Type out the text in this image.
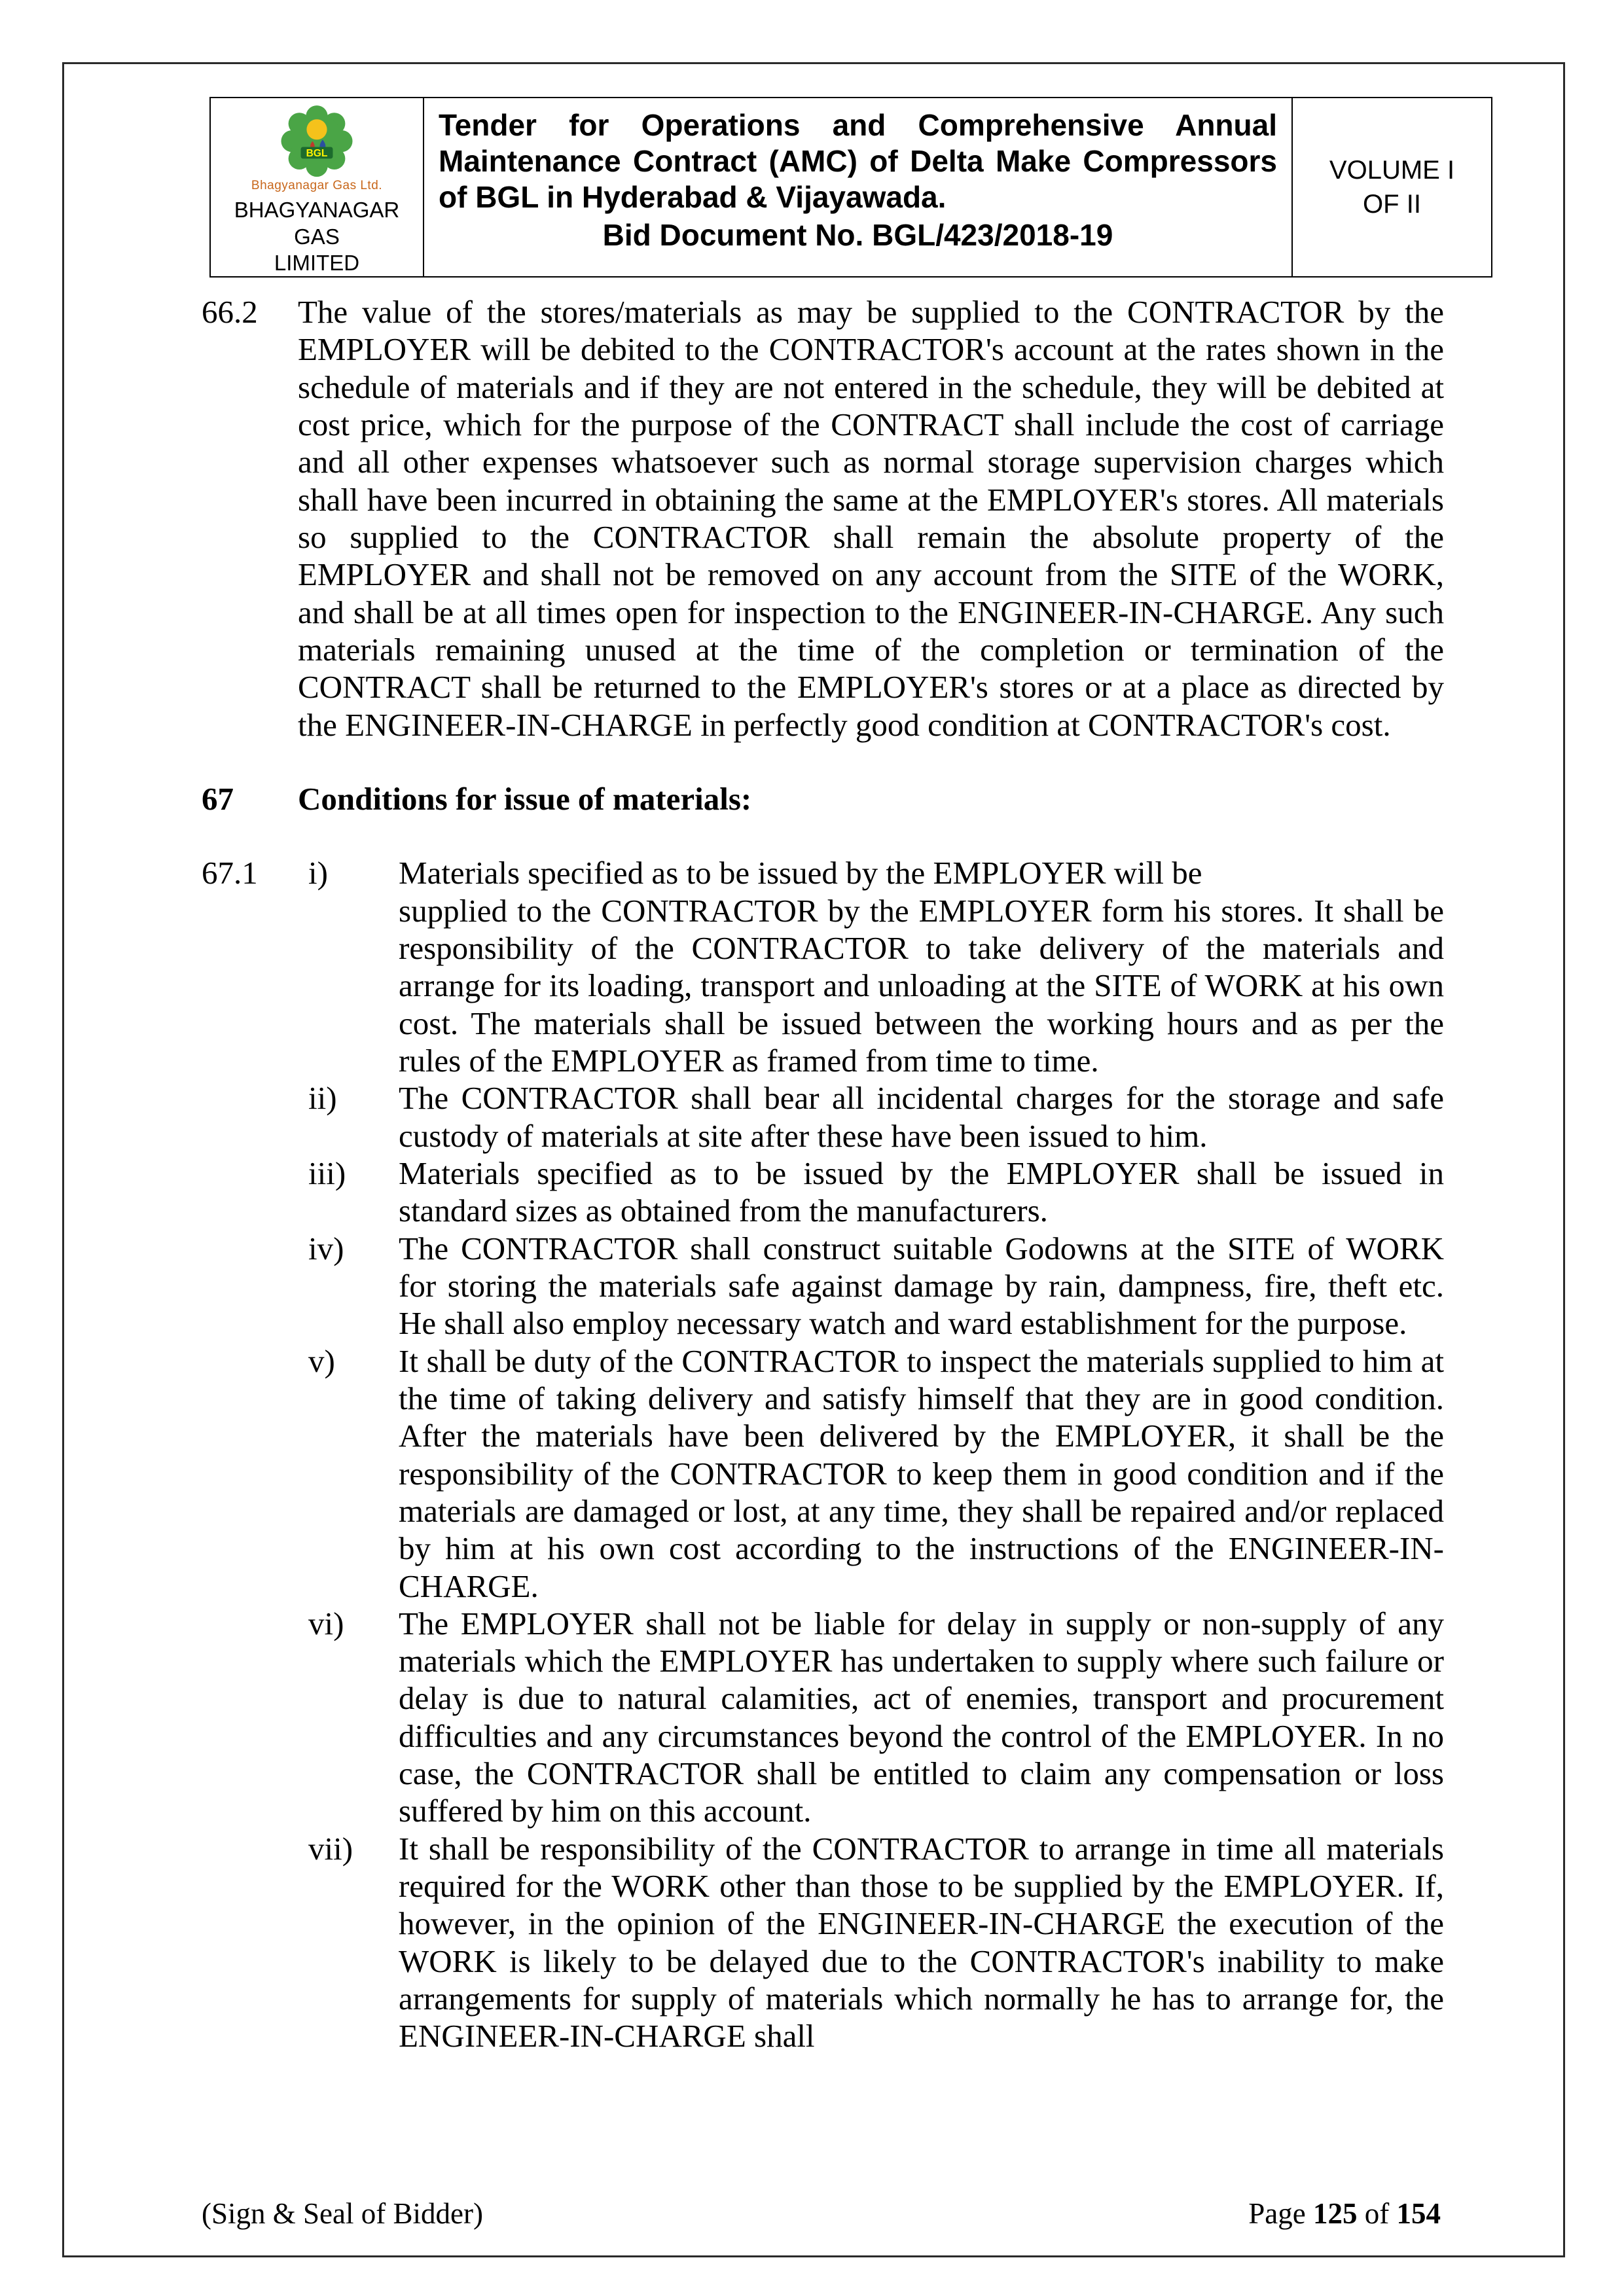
BGL
Bhagyanagar Gas Ltd.
BHAGYANAGAR GAS
LIMITED
Tender for Operations and Comprehensive Annual Maintenance Contract (AMC) of Delta Make Compressors of BGL in Hyderabad & Vijayawada.
Bid Document No. BGL/423/2018-19
VOLUME I
OF II
66.2	The value of the stores/materials as may be supplied to the CONTRACTOR by the EMPLOYER will be debited to the CONTRACTOR's account at the rates shown in the schedule of materials and if they are not entered in the schedule, they will be debited at cost price, which for the purpose of the CONTRACT shall include the cost of carriage and all other expenses whatsoever such as normal storage supervision charges which shall have been incurred in obtaining the same at the EMPLOYER's stores. All materials so supplied to the CONTRACTOR shall remain the absolute property of the EMPLOYER and shall not be removed on any account from the SITE of the WORK, and shall be at all times open for inspection to the ENGINEER-IN-CHARGE. Any such materials remaining unused at the time of the completion or termination of the CONTRACT shall be returned to the EMPLOYER's stores or at a place as directed by the ENGINEER-IN-CHARGE in perfectly good condition at CONTRACTOR's cost.
67	Conditions for issue of materials:
67.1	i)	Materials specified as to be issued by the EMPLOYER will be
supplied to the CONTRACTOR by the EMPLOYER form his stores. It shall be responsibility of the CONTRACTOR to take delivery of the materials and arrange for its loading, transport and unloading at the SITE of WORK at his own cost. The materials shall be issued between the working hours and as per the rules of the EMPLOYER as framed from time to time.
ii)	The CONTRACTOR shall bear all incidental charges for the storage and safe custody of materials at site after these have been issued to him.
iii)	Materials specified as to be issued by the EMPLOYER shall be issued in standard sizes as obtained from the manufacturers.
iv)	The CONTRACTOR shall construct suitable Godowns at the SITE of WORK for storing the materials safe against damage by rain, dampness, fire, theft etc. He shall also employ necessary watch and ward establishment for the purpose.
v)	It shall be duty of the CONTRACTOR to inspect the materials supplied to him at the time of taking delivery and satisfy himself that they are in good condition. After the materials have been delivered by the EMPLOYER, it shall be the responsibility of the CONTRACTOR to keep them in good condition and if the materials are damaged or lost, at any time, they shall be repaired and/or replaced by him at his own cost according to the instructions of the ENGINEER-IN-CHARGE.
vi)	The EMPLOYER shall not be liable for delay in supply or non-supply of any materials which the EMPLOYER has undertaken to supply where such failure or delay is due to natural calamities, act of enemies, transport and procurement difficulties and any circumstances beyond the control of the EMPLOYER. In no case, the CONTRACTOR shall be entitled to claim any compensation or loss suffered by him on this account.
vii)	It shall be responsibility of the CONTRACTOR to arrange in time all materials required for the WORK other than those to be supplied by the EMPLOYER. If, however, in the opinion of the ENGINEER-IN-CHARGE the execution of the WORK is likely to be delayed due to the CONTRACTOR's inability to make arrangements for supply of materials which normally he has to arrange for, the ENGINEER-IN-CHARGE shall
(Sign & Seal of Bidder)	Page 125 of 154
